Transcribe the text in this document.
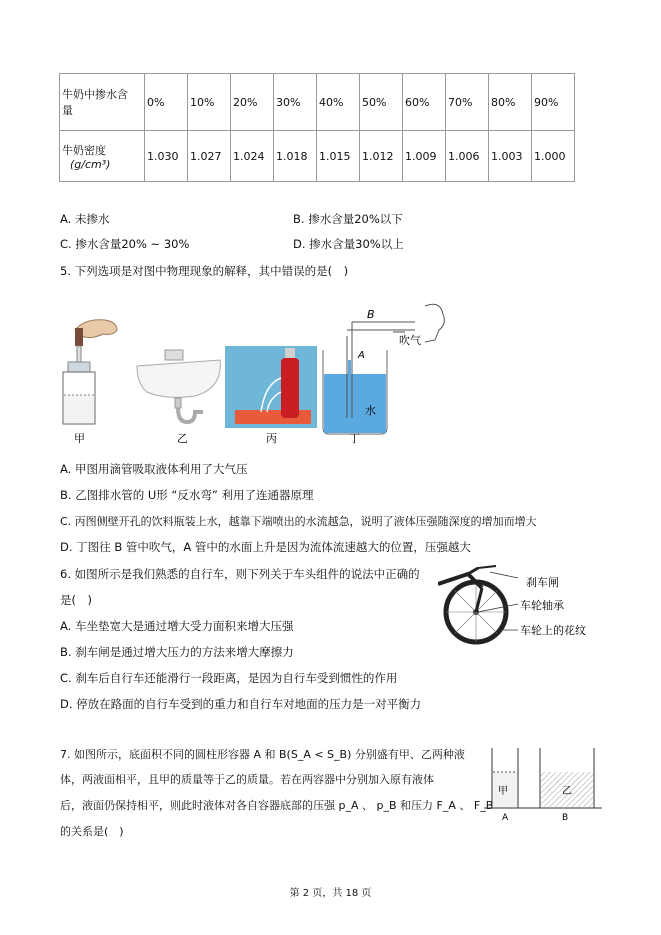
牛奶中掺水含
量	0%	10%	20%	30%	40%	50%	60%	70%	80%	90%

牛奶密度
(g/cm³)	1.030	1.027	1.024	1.018	1.015	1.012	1.009	1.006	1.003	1.000
A. 未掺水	B. 掺水含量20%以下
C. 掺水含量20% ~ 30%	D. 掺水含量30%以上
5. 下列选项是对图中物理现象的解释，其中错误的是(　)
甲	乙	丙
B
A
吹气
水
丁
A. 甲图用滴管吸取液体利用了大气压
B. 乙图排水管的 U形 “反水弯” 利用了连通器原理
C. 丙图侧壁开孔的饮料瓶装上水，越靠下端喷出的水流越急，说明了液体压强随深度的增加而增大
D. 丁图往 B 管中吹气，A 管中的水面上升是因为流体流速越大的位置，压强越大
6. 如图所示是我们熟悉的自行车，则下列关于车头组件的说法中正确的
是(　)
刹车闸
车轮轴承
车轮上的花纹
A. 车坐垫宽大是通过增大受力面积来增大压强
B. 刹车闸是通过增大压力的方法来增大摩擦力
C. 刹车后自行车还能滑行一段距离，是因为自行车受到惯性的作用
D. 停放在路面的自行车受到的重力和自行车对地面的压力是一对平衡力
7. 如图所示，底面积不同的圆柱形容器 A 和 B(S_A < S_B) 分别盛有甲、乙两种液
体，两液面相平，且甲的质量等于乙的质量。若在两容器中分别加入原有液体
后，液面仍保持相平，则此时液体对各自容器底部的压强 p_A 、 p_B 和压力 F_A 、 F_B
的关系是(　)
甲	乙
A	B
第 2 页，共 18 页
